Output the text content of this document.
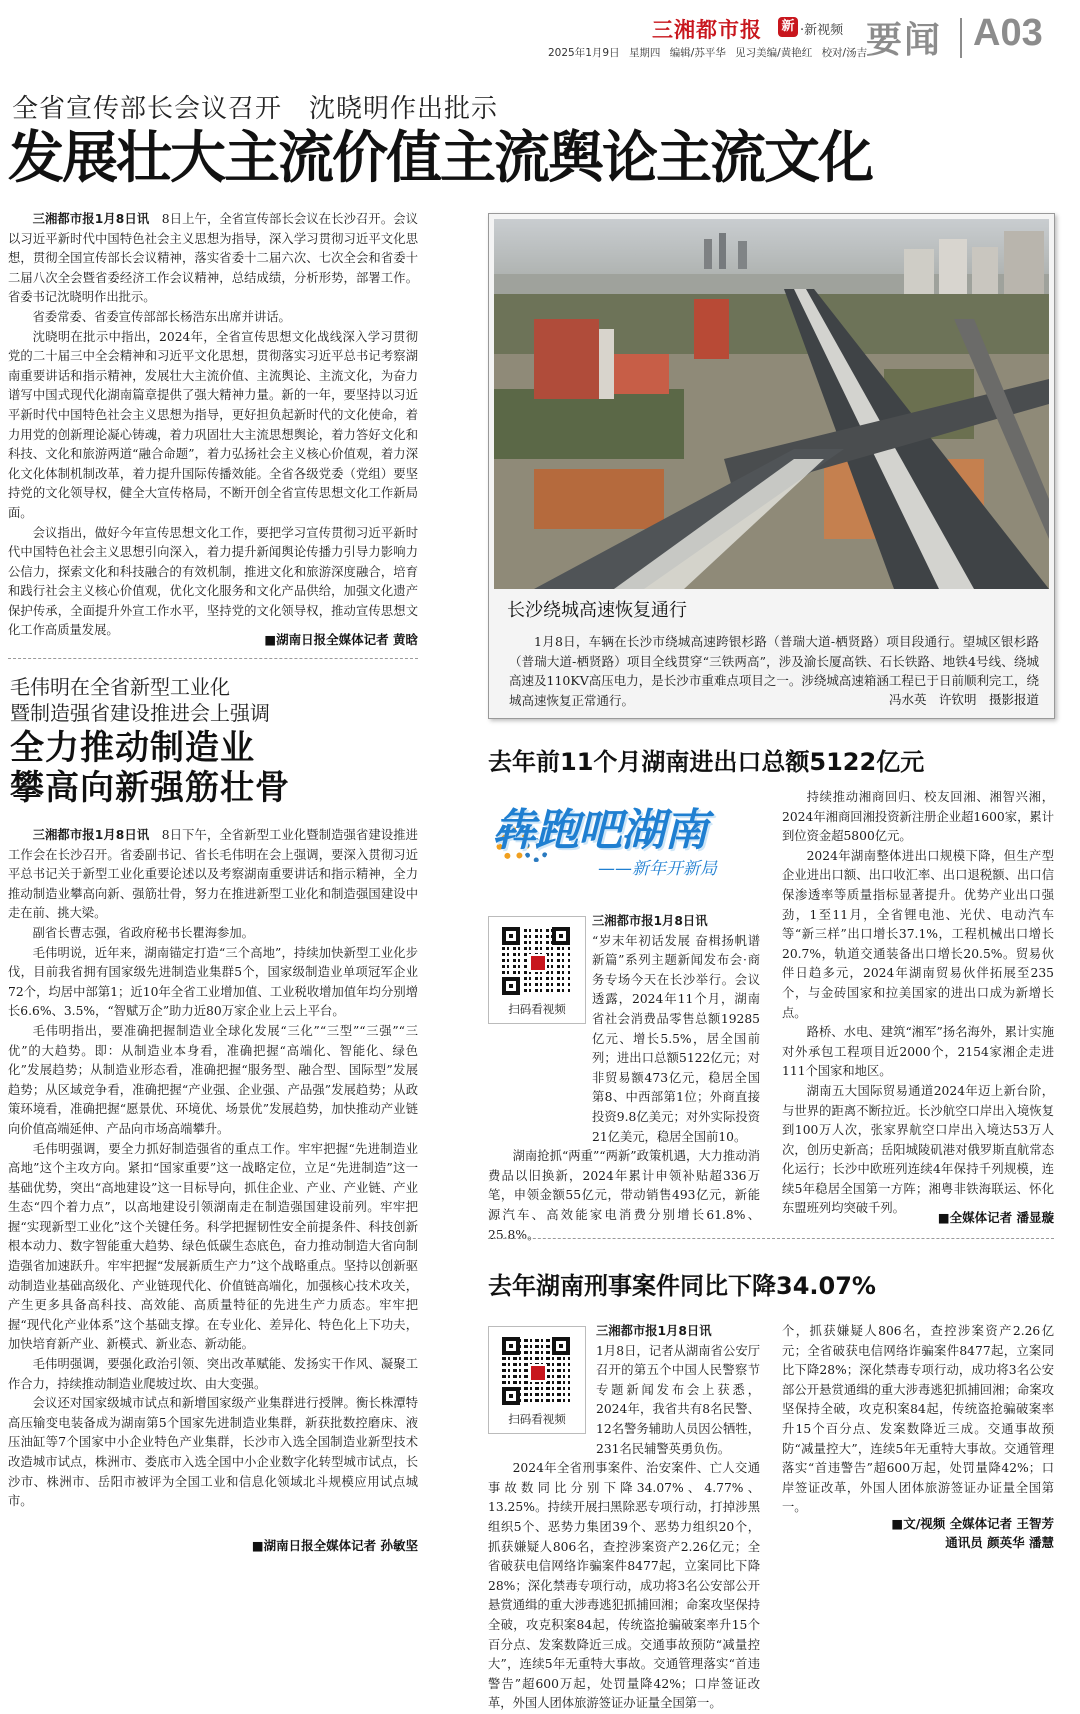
三湘都市报 新 ·新视频
2025年1月9日 星期四 编辑/苏平华 见习美编/黄艳红 校对/汤吉
要闻 A03
全省宣传部长会议召开　沈晓明作出批示
发展壮大主流价值主流舆论主流文化

三湘都市报1月8日讯　 8日上午，全省宣传部长会议在长沙召开。会议以习近平新时代中国特色社会主义思想为指导，深入学习贯彻习近平文化思想，贯彻全国宣传部长会议精神，落实省委十二届六次、七次全会和省委十二届八次全会暨省委经济工作会议精神，总结成绩，分析形势，部署工作。省委书记沈晓明作出批示。

省委常委、省委宣传部部长杨浩东出席并讲话。

沈晓明在批示中指出，2024年，全省宣传思想文化战线深入学习贯彻党的二十届三中全会精神和习近平文化思想，贯彻落实习近平总书记考察湖南重要讲话和指示精神，发展壮大主流价值、主流舆论、主流文化，为奋力谱写中国式现代化湖南篇章提供了强大精神力量。新的一年，要坚持以习近平新时代中国特色社会主义思想为指导，更好担负起新时代的文化使命，着力用党的创新理论凝心铸魂，着力巩固壮大主流思想舆论，着力答好文化和科技、文化和旅游两道“融合命题”，着力弘扬社会主义核心价值观，着力深化文化体制机制改革，着力提升国际传播效能。全省各级党委（党组）要坚持党的文化领导权，健全大宣传格局，不断开创全省宣传思想文化工作新局面。

会议指出，做好今年宣传思想文化工作，要把学习宣传贯彻习近平新时代中国特色社会主义思想引向深入，着力提升新闻舆论传播力引导力影响力公信力，探索文化和科技融合的有效机制，推进文化和旅游深度融合，培育和践行社会主义核心价值观，优化文化服务和文化产品供给，加强文化遗产保护传承，全面提升外宣工作水平，坚持党的文化领导权，推动宣传思想文化工作高质量发展。

■湖南日报全媒体记者 黄晗
长沙绕城高速恢复通行
1月8日，车辆在长沙市绕城高速跨银杉路（普瑞大道-栖贤路）项目段通行。望城区银杉路（普瑞大道-栖贤路）项目全线贯穿“三铁两高”，涉及渝长厦高铁、石长铁路、地铁4号线、绕城高速及110KV高压电力，是长沙市重难点项目之一。涉绕城高速箱涵工程已于日前顺利完工，绕城高速恢复正常通行。	冯水英　许钦明　摄影报道
毛伟明在全省新型工业化
暨制造强省建设推进会上强调
全力推动制造业
攀高向新强筋壮骨

三湘都市报1月8日讯　 8日下午，全省新型工业化暨制造强省建设推进工作会在长沙召开。省委副书记、省长毛伟明在会上强调，要深入贯彻习近平总书记关于新型工业化重要论述以及考察湖南重要讲话和指示精神，全力推动制造业攀高向新、强筋壮骨，努力在推进新型工业化和制造强国建设中走在前、挑大梁。

副省长曹志强，省政府秘书长瞿海参加。

毛伟明说，近年来，湖南锚定打造“三个高地”，持续加快新型工业化步伐，目前我省拥有国家级先进制造业集群5个，国家级制造业单项冠军企业72个，均居中部第1；近10年全省工业增加值、工业税收增加值年均分别增长6.6%、3.5%，“智赋万企”助力近80万家企业上云上平台。

毛伟明指出，要准确把握制造业全球化发展“三化”“三型”“三强”“三优”的大趋势。即：从制造业本身看，准确把握“高端化、智能化、绿色化”发展趋势；从制造业形态看，准确把握“服务型、融合型、国际型”发展趋势；从区域竞争看，准确把握“产业强、企业强、产品强”发展趋势；从政策环境看，准确把握“愿景优、环境优、场景优”发展趋势，加快推动产业链向价值高端延伸、产品向市场高端攀升。

毛伟明强调，要全力抓好制造强省的重点工作。牢牢把握“先进制造业高地”这个主攻方向。紧扣“国家重要”这一战略定位，立足“先进制造”这一基础优势，突出“高地建设”这一目标导向，抓住企业、产业、产业链、产业生态“四个着力点”，以高地建设引领湖南走在制造强国建设前列。牢牢把握“实现新型工业化”这个关键任务。科学把握韧性安全前提条件、科技创新根本动力、数字智能重大趋势、绿色低碳生态底色，奋力推动制造大省向制造强省加速跃升。牢牢把握“发展新质生产力”这个战略重点。坚持以创新驱动制造业基础高级化、产业链现代化、价值链高端化，加强核心技术攻关，产生更多具备高科技、高效能、高质量特征的先进生产力质态。牢牢把握“现代化产业体系”这个基础支撑。在专业化、差异化、特色化上下功夫，加快培育新产业、新模式、新业态、新动能。

毛伟明强调，要强化政治引领、突出改革赋能、发扬实干作风、凝聚工作合力，持续推动制造业爬坡过坎、由大变强。

会议还对国家级城市试点和新增国家级产业集群进行授牌。衡长株潭特高压输变电装备成为湖南第5个国家先进制造业集群，新获批数控磨床、液压油缸等7个国家中小企业特色产业集群，长沙市入选全国制造业新型技术改造城市试点，株洲市、娄底市入选全国中小企业数字化转型城市试点，长沙市、株洲市、岳阳市被评为全国工业和信息化领域北斗规模应用试点城市。

■湖南日报全媒体记者 孙敏坚
去年前11个月湖南进出口总额5122亿元
犇跑吧湖南
——新年开新局
扫码看视频

三湘都市报1月8日讯

“岁末年初话发展 奋楫扬帆谱新篇”系列主题新闻发布会·商务专场今天在长沙举行。会议透露，2024年11个月，湖南省社会消费品零售总额19285亿元、增长5.5%，居全国前列；进出口总额5122亿元；对非贸易额473亿元，稳居全国第8、中西部第1位；外商直接投资9.8亿美元；对外实际投资21亿美元，稳居全国前10。

湖南抢抓“两重”“两新”政策机遇，大力推动消费品以旧换新，2024年累计申领补贴超336万笔，申领金额55亿元，带动销售493亿元，新能源汽车、高效能家电消费分别增长61.8%、25.8%。

持续推动湘商回归、校友回湘、湘智兴湘，2024年湘商回湘投资新注册企业超1600家，累计到位资金超5800亿元。

2024年湖南整体进出口规模下降，但生产型企业进出口额、出口收汇率、出口退税额、出口信保渗透率等质量指标显著提升。优势产业出口强劲，1至11月，全省锂电池、光伏、电动汽车等“新三样”出口增长37.1%，工程机械出口增长20.7%，轨道交通装备出口增长20.5%。贸易伙伴日趋多元，2024年湖南贸易伙伴拓展至235个，与金砖国家和拉美国家的进出口成为新增长点。

路桥、水电、建筑“湘军”扬名海外，累计实施对外承包工程项目近2000个，2154家湘企走进111个国家和地区。

湖南五大国际贸易通道2024年迈上新台阶，与世界的距离不断拉近。长沙航空口岸出入境恢复到100万人次，张家界航空口岸出入境达53万人次，创历史新高；岳阳城陵矶港对俄罗斯直航常态化运行；长沙中欧班列连续4年保持千列规模，连续5年稳居全国第一方阵；湘粤非铁海联运、怀化东盟班列均突破千列。

■全媒体记者 潘显璇
去年湖南刑事案件同比下降34.07%
扫码看视频

三湘都市报1月8日讯

1月8日，记者从湖南省公安厅召开的第五个中国人民警察节专题新闻发布会上获悉，2024年，我省共有8名民警、12名警务辅助人员因公牺牲，231名民辅警英勇负伤。

2024年全省刑事案件、治安案件、亡人交通事故数同比分别下降34.07%、4.77%、13.25%。持续开展扫黑除恶专项行动，打掉涉黑组织5个、恶势力集团39个、恶势力组织20个，抓获嫌疑人806名，查控涉案资产2.26亿元；全省破获电信网络诈骗案件8477起，立案同比下降28%；深化禁毒专项行动，成功将3名公安部公开悬赏通缉的重大涉毒逃犯抓捕回湘；命案攻坚保持全破，攻克积案84起，传统盗抢骗破案率升15个百分点、发案数降近三成。交通事故预防“减量控大”，连续5年无重特大事故。交通管理落实“首违警告”超600万起，处罚量降42%；口岸签证改革，外国人团体旅游签证办证量全国第一。

个，抓获嫌疑人806名，查控涉案资产2.26亿元；全省破获电信网络诈骗案件8477起，立案同比下降28%；深化禁毒专项行动，成功将3名公安部公开悬赏通缉的重大涉毒逃犯抓捕回湘；命案攻坚保持全破，攻克积案84起，传统盗抢骗破案率升15个百分点、发案数降近三成。交通事故预防“减量控大”，连续5年无重特大事故。交通管理落实“首违警告”超600万起，处罚量降42%；口岸签证改革，外国人团体旅游签证办证量全国第一。

■文/视频 全媒体记者 王智芳
通讯员 颜英华 潘慧
